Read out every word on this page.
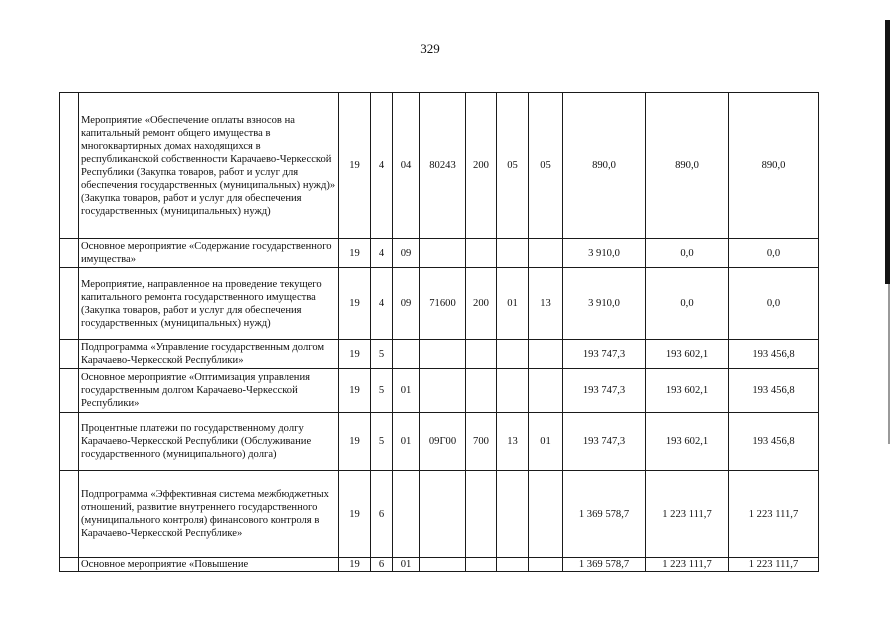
329
	Мероприятие «Обеспечение оплаты взносов на капитальный ремонт общего имущества в многоквартирных домах находящихся в республиканской собственности Карачаево-Черкесской Республики (Закупка товаров, работ и услуг для обеспечения государственных (муниципальных) нужд)» (Закупка товаров, работ и услуг для обеспечения государственных (муниципальных) нужд)	19	4	04	80243	200	05	05	890,0	890,0	890,0
	Основное мероприятие «Содержание государственного имущества»	19	4	09					3 910,0	0,0	0,0
	Мероприятие, направленное на проведение текущего капитального ремонта государственного имущества (Закупка товаров, работ и услуг для обеспечения государственных (муниципальных) нужд)	19	4	09	71600	200	01	13	3 910,0	0,0	0,0
	Подпрограмма «Управление государственным долгом Карачаево-Черкесской Республики»	19	5						193 747,3	193 602,1	193 456,8
	Основное мероприятие «Оптимизация управления государственным долгом Карачаево-Черкесской Республики»	19	5	01					193 747,3	193 602,1	193 456,8
	Процентные платежи по государственному долгу Карачаево-Черкесской Республики (Обслуживание государственного (муниципального) долга)	19	5	01	09Г00	700	13	01	193 747,3	193 602,1	193 456,8
	Подпрограмма «Эффективная система межбюджетных отношений, развитие внутреннего государственного (муниципального контроля) финансового контроля в Карачаево-Черкесской Республике»	19	6						1 369 578,7	1 223 111,7	1 223 111,7
	Основное мероприятие «Повышение	19	6	01					1 369 578,7	1 223 111,7	1 223 111,7
